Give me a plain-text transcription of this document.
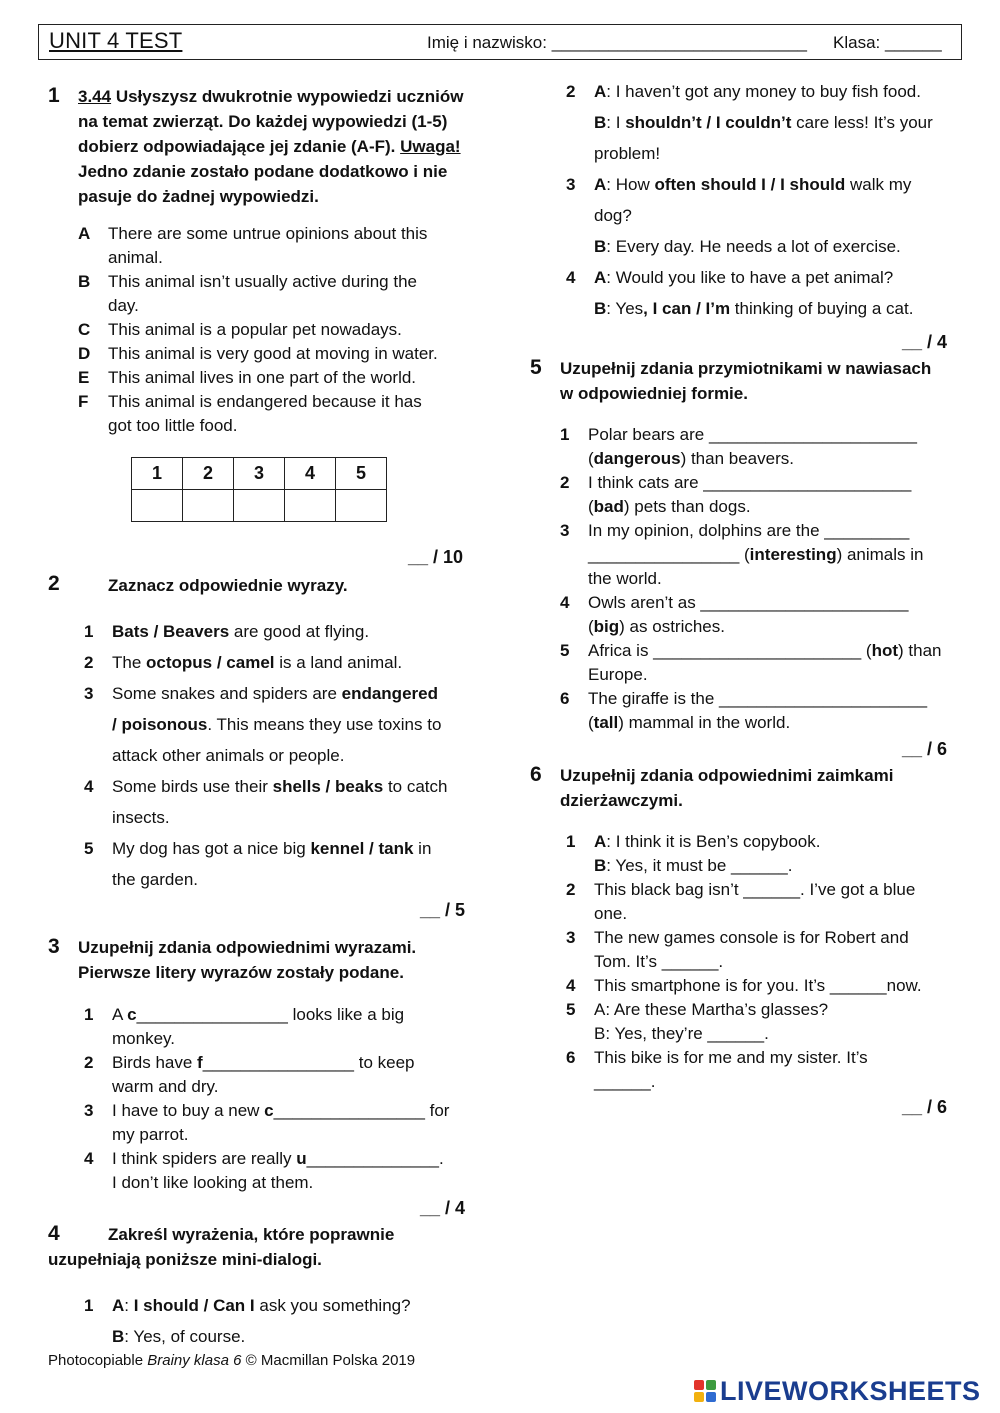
UNIT 4 TEST	Imię i nazwisko: ___________________________ Klasa: ______
1 3.44 Usłyszysz dwukrotnie wypowiedzi uczniów
na temat zwierząt. Do każdej wypowiedzi (1-5)
dobierz odpowiadające jej zdanie (A-F). Uwaga!
Jedno zdanie zostało podane dodatkowo i nie
pasuje do żadnej wypowiedzi.
A There are some untrue opinions about this
animal.
B This animal isn’t usually active during the
day.
C This animal is a popular pet nowadays.
D This animal is very good at moving in water.
E This animal lives in one part of the world.
F This animal is endangered because it has
got too little food.
1	2	3	4	5

__ / 10
2	Zaznacz odpowiednie wyrazy.
1 Bats / Beavers are good at flying.
2 The octopus / camel is a land animal.
3 Some snakes and spiders are endangered
/ poisonous. This means they use toxins to
attack other animals or people.
4 Some birds use their shells / beaks to catch
insects.
5 My dog has got a nice big kennel / tank in
the garden.
__ / 5
3 Uzupełnij zdania odpowiednimi wyrazami.
Pierwsze litery wyrazów zostały podane.
1 A c________________ looks like a big
monkey.
2 Birds have f________________ to keep
warm and dry.
3 I have to buy a new c________________ for
my parrot.
4 I think spiders are really u______________.
I don’t like looking at them.
__ / 4
4	Zakreśl wyrażenia, które poprawnie
uzupełniają poniższe mini-dialogi.
1 A: I should / Can I ask you something?
B: Yes, of course.
2 A: I haven’t got any money to buy fish food.
B: I shouldn’t / I couldn’t care less! It’s your
problem!
3 A: How often should I / I should walk my
dog?
B: Every day. He needs a lot of exercise.
4 A: Would you like to have a pet animal?
B: Yes, I can / I’m thinking of buying a cat.
__ / 4
5 Uzupełnij zdania przymiotnikami w nawiasach
w odpowiedniej formie.
1 Polar bears are ______________________
(dangerous) than beavers.
2 I think cats are ______________________
(bad) pets than dogs.
3 In my opinion, dolphins are the _________
________________ (interesting) animals in
the world.
4 Owls aren’t as ______________________
(big) as ostriches.
5 Africa is ______________________ (hot) than
Europe.
6 The giraffe is the ______________________
(tall) mammal in the world.
__ / 6
6 Uzupełnij zdania odpowiednimi zaimkami
dzierżawczymi.
1 A: I think it is Ben’s copybook.
B: Yes, it must be ______.
2 This black bag isn’t ______. I’ve got a blue
one.
3 The new games console is for Robert and
Tom. It’s ______.
4 This smartphone is for you. It’s ______now.
5 A: Are these Martha’s glasses?
B: Yes, they’re ______.
6 This bike is for me and my sister. It’s
______.
__ / 6
Photocopiable Brainy klasa 6 © Macmillan Polska 2019
LIVEWORKSHEETS
